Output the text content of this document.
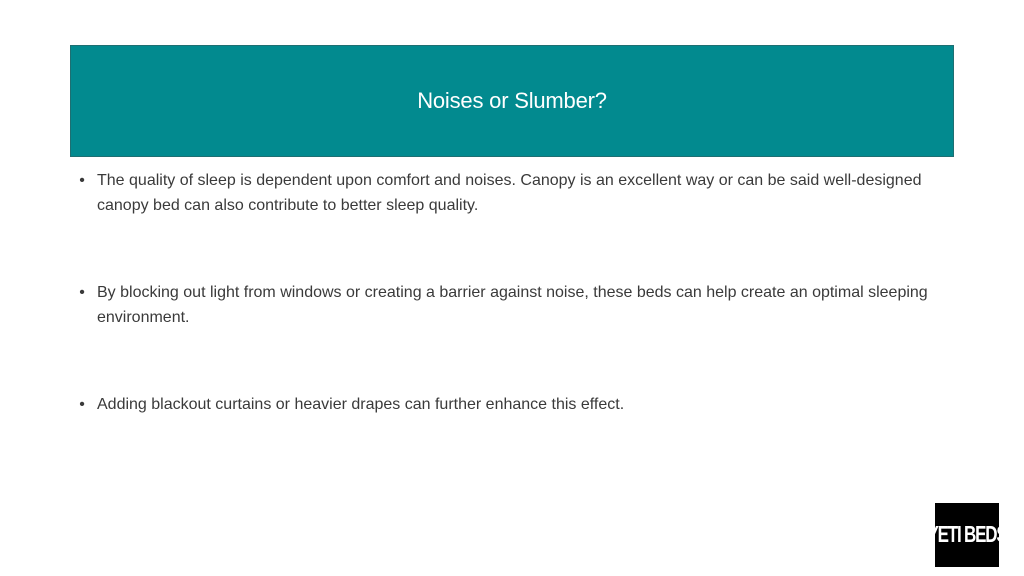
Noises or Slumber?
• The quality of sleep is dependent upon comfort and noises. Canopy is an excellent way or can be said well-designed canopy bed can also contribute to better sleep quality.
• By blocking out light from windows or creating a barrier against noise, these beds can help create an optimal sleeping environment.
• Adding blackout curtains or heavier drapes can further enhance this effect.
YETI BEDS
